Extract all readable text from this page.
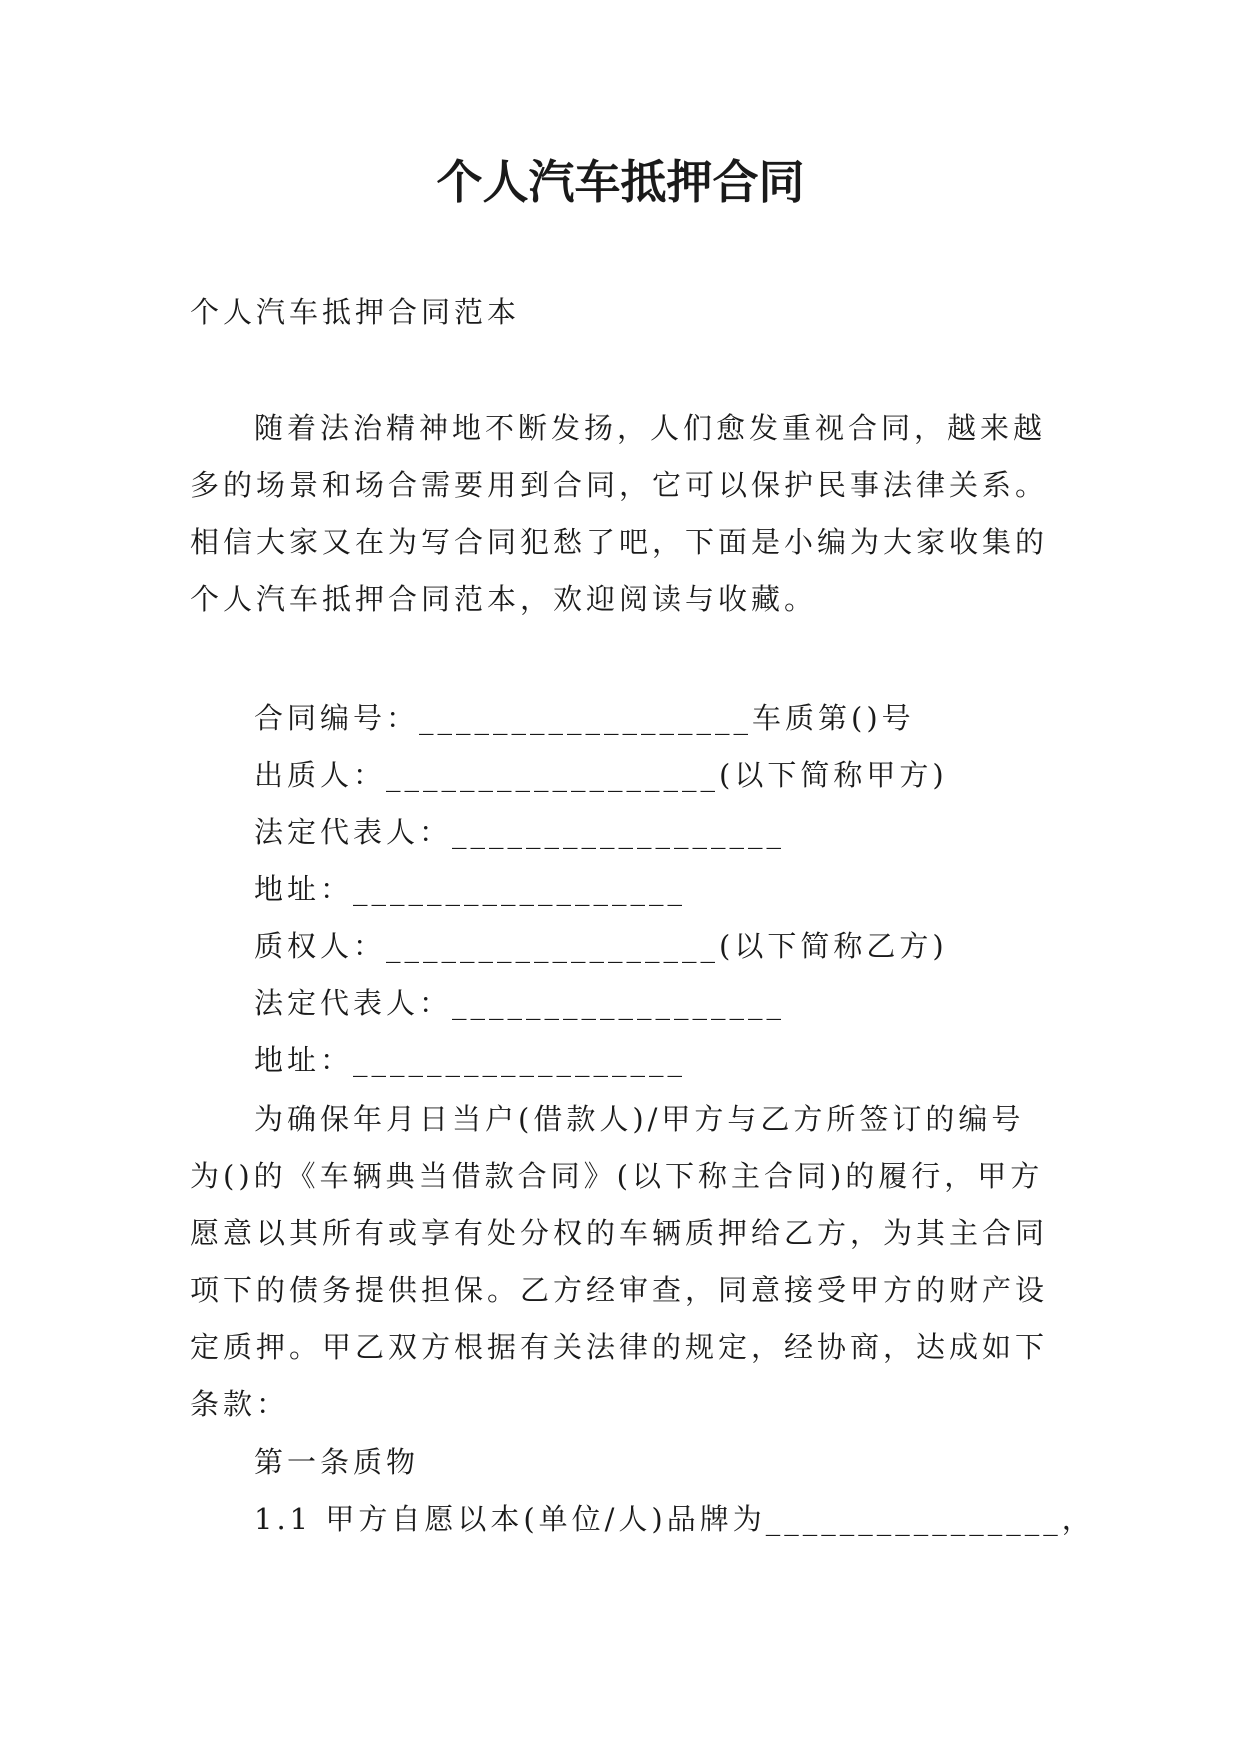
个人汽车抵押合同
个人汽车抵押合同范本
随着法治精神地不断发扬，人们愈发重视合同，越来越
多的场景和场合需要用到合同，它可以保护民事法律关系。
相信大家又在为写合同犯愁了吧，下面是小编为大家收集的
个人汽车抵押合同范本，欢迎阅读与收藏。
合同编号：__________________车质第()号
出质人：__________________(以下简称甲方)
法定代表人：__________________
地址：__________________
质权人：__________________(以下简称乙方)
法定代表人：__________________
地址：__________________
为确保年月日当户(借款人)/甲方与乙方所签订的编号
为()的《车辆典当借款合同》(以下称主合同)的履行，甲方
愿意以其所有或享有处分权的车辆质押给乙方，为其主合同
项下的债务提供担保。乙方经审查，同意接受甲方的财产设
定质押。甲乙双方根据有关法律的规定，经协商，达成如下
条款：
第一条质物
1.1 甲方自愿以本(单位/人)品牌为________________，
